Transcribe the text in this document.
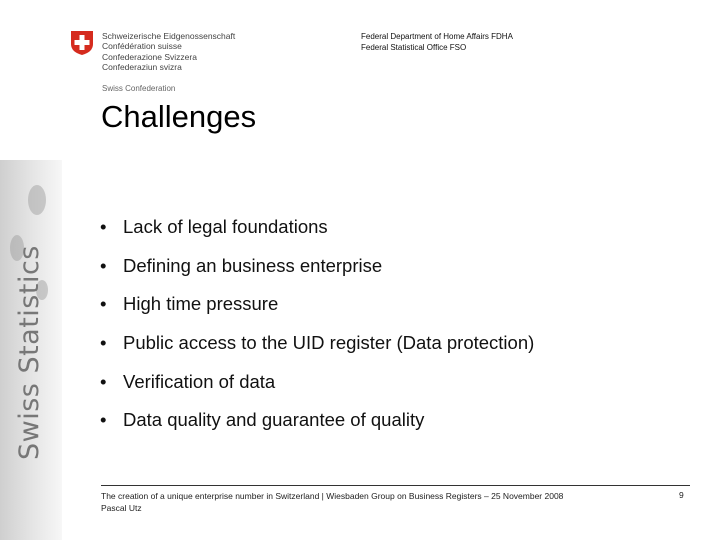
Swiss Statistics
Schweizerische Eidgenossenschaft
Confédération suisse
Confederazione Svizzera
Confederaziun svizra
Swiss Confederation
Federal Department of Home Affairs FDHA
Federal Statistical Office FSO
Challenges
• Lack of legal foundations
• Defining an business enterprise
• High time pressure
• Public access to the UID register (Data protection)
• Verification of data
• Data quality and guarantee of quality
The creation of a unique enterprise number in Switzerland | Wiesbaden Group on Business Registers – 25 November 2008
Pascal Utz
9
